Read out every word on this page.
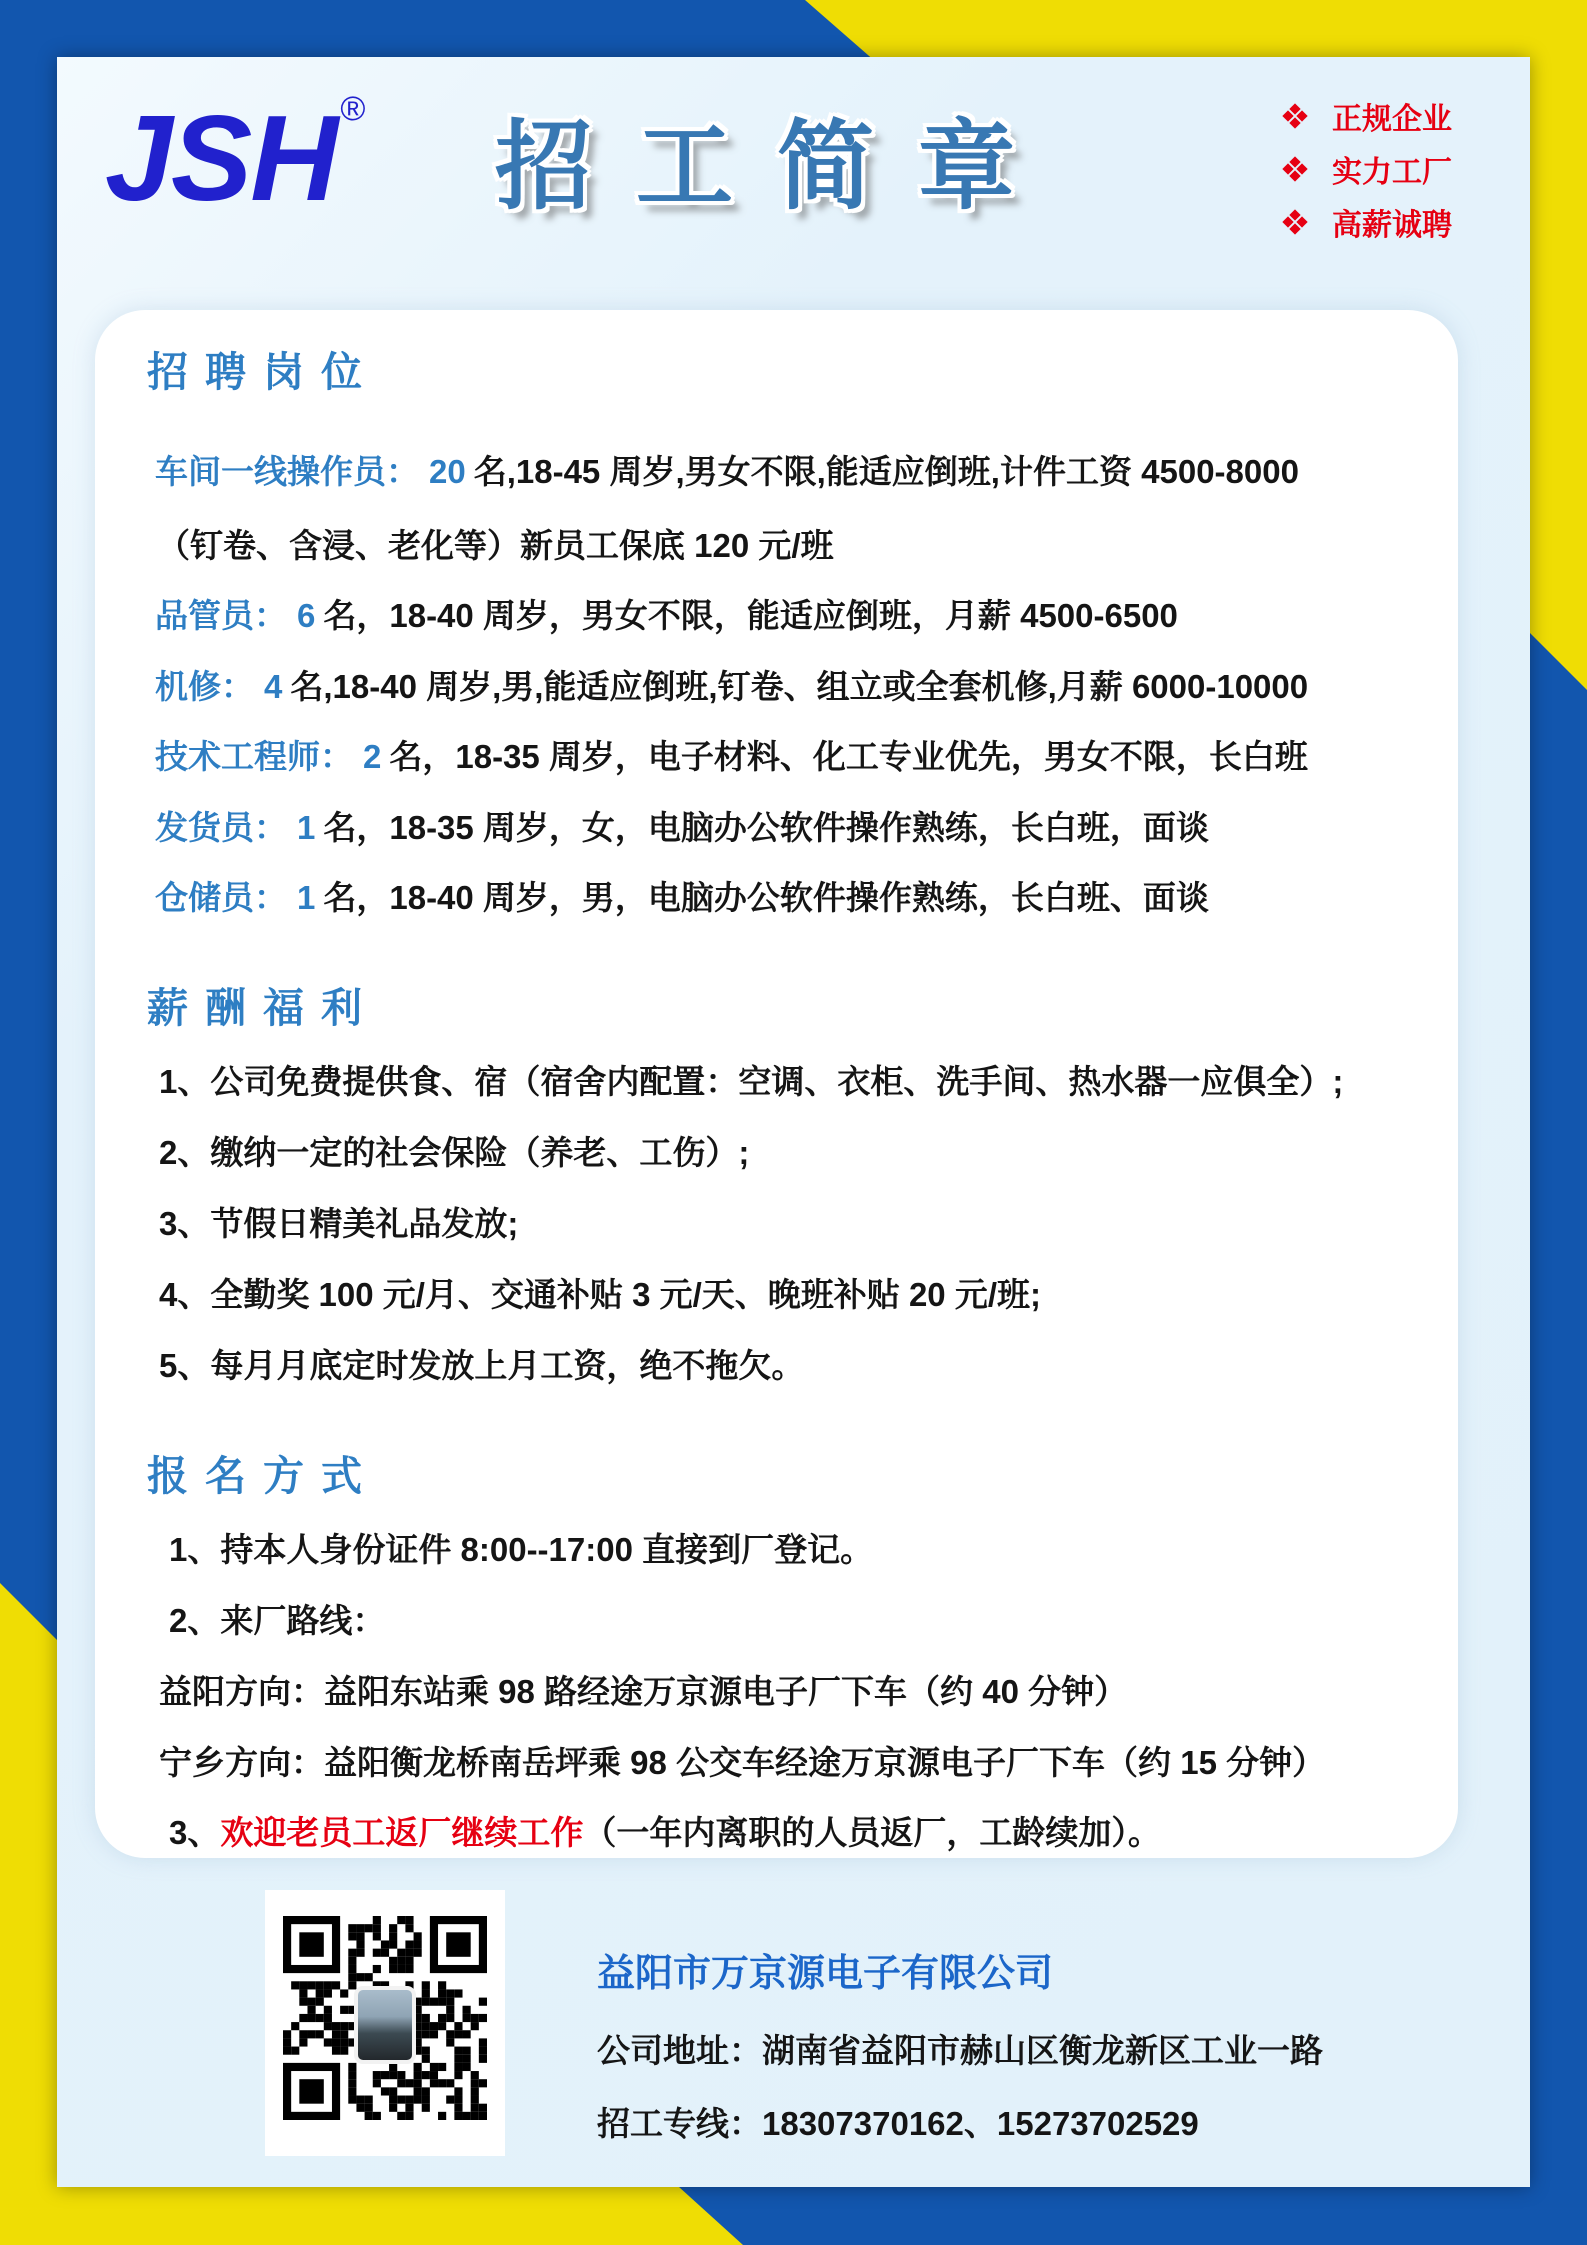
JSH ®
招工简章	正规企业
实力工厂
高薪诚聘
招聘岗位

车间一线操作员： 20 名,18-45 周岁,男女不限,能适应倒班,计件工资 4500-8000

（钉卷、含浸、老化等）新员工保底 120 元/班

品管员： 6 名，18-40 周岁，男女不限，能适应倒班，月薪 4500-6500

机修： 4 名,18-40 周岁,男,能适应倒班,钉卷、组立或全套机修,月薪 6000-10000

技术工程师： 2 名，18-35 周岁，电子材料、化工专业优先，男女不限，长白班

发货员： 1 名，18-35 周岁，女，电脑办公软件操作熟练，长白班，面谈

仓储员： 1 名，18-40 周岁，男，电脑办公软件操作熟练，长白班、面谈

薪酬福利

1、公司免费提供食、宿（宿舍内配置：空调、衣柜、洗手间、热水器一应俱全）;

2、缴纳一定的社会保险（养老、工伤）;

3、节假日精美礼品发放;

4、全勤奖 100 元/月、交通补贴 3 元/天、晚班补贴 20 元/班;

5、每月月底定时发放上月工资，绝不拖欠。

报名方式

1、持本人身份证件 8:00--17:00 直接到厂登记。

2、来厂路线：

益阳方向：益阳东站乘 98 路经途万京源电子厂下车（约 40 分钟）

宁乡方向：益阳衡龙桥南岳坪乘 98 公交车经途万京源电子厂下车（约 15 分钟）

3、欢迎老员工返厂继续工作（一年内离职的人员返厂，工龄续加）。

益阳市万京源电子有限公司

公司地址：湖南省益阳市赫山区衡龙新区工业一路

招工专线：18307370162、15273702529
